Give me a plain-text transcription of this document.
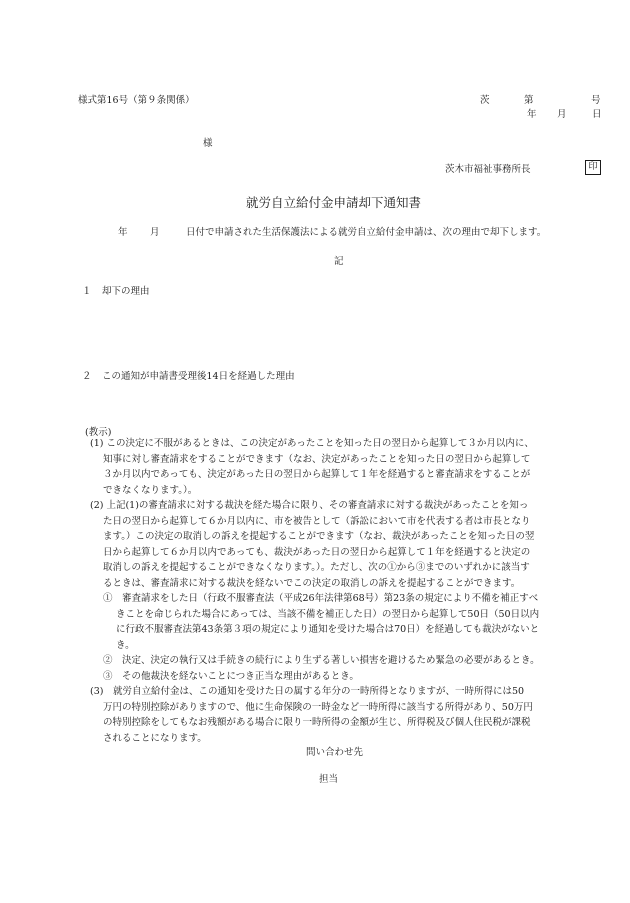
様式第16号（第９条関係）	茨	第	号
年 月	日
様
茨木市福祉事務所長	印
就労自立給付金申請却下通知書
年 月	日付で申請された生活保護法による就労自立給付金申請は、次の理由で却下します。
記
１ 却下の理由
２ この通知が申請書受理後14日を経過した理由
(教示)
(1) この決定に不服があるときは、この決定があったことを知った日の翌日から起算して３か月以内に、
知事に対し審査請求をすることができます（なお、決定があったことを知った日の翌日から起算して
３か月以内であっても、決定があった日の翌日から起算して１年を経過すると審査請求をすることが
できなくなります。）。
(2) 上記(1)の審査請求に対する裁決を経た場合に限り、その審査請求に対する裁決があったことを知っ
た日の翌日から起算して６か月以内に、市を被告として（訴訟において市を代表する者は市長となり
ます。）この決定の取消しの訴えを提起することができます（なお、裁決があったことを知った日の翌
日から起算して６か月以内であっても、裁決があった日の翌日から起算して１年を経過すると決定の
取消しの訴えを提起することができなくなります。）。ただし、次の①から③までのいずれかに該当す
るときは、審査請求に対する裁決を経ないでこの決定の取消しの訴えを提起することができます。
①　審査請求をした日（行政不服審査法（平成26年法律第68号）第23条の規定により不備を補正すべ
きことを命じられた場合にあっては、当該不備を補正した日）の翌日から起算して50日（50日以内
に行政不服審査法第43条第３項の規定により通知を受けた場合は70日）を経過しても裁決がないと
き。
②　決定、決定の執行又は手続きの続行により生ずる著しい損害を避けるため緊急の必要があるとき。
③　その他裁決を経ないことにつき正当な理由があるとき。
(3)　就労自立給付金は、この通知を受けた日の属する年分の一時所得となりますが、一時所得には50
万円の特別控除がありますので、他に生命保険の一時金など一時所得に該当する所得があり、50万円
の特別控除をしてもなお残額がある場合に限り一時所得の金額が生じ、所得税及び個人住民税が課税
されることになります。
問い合わせ先
担当
